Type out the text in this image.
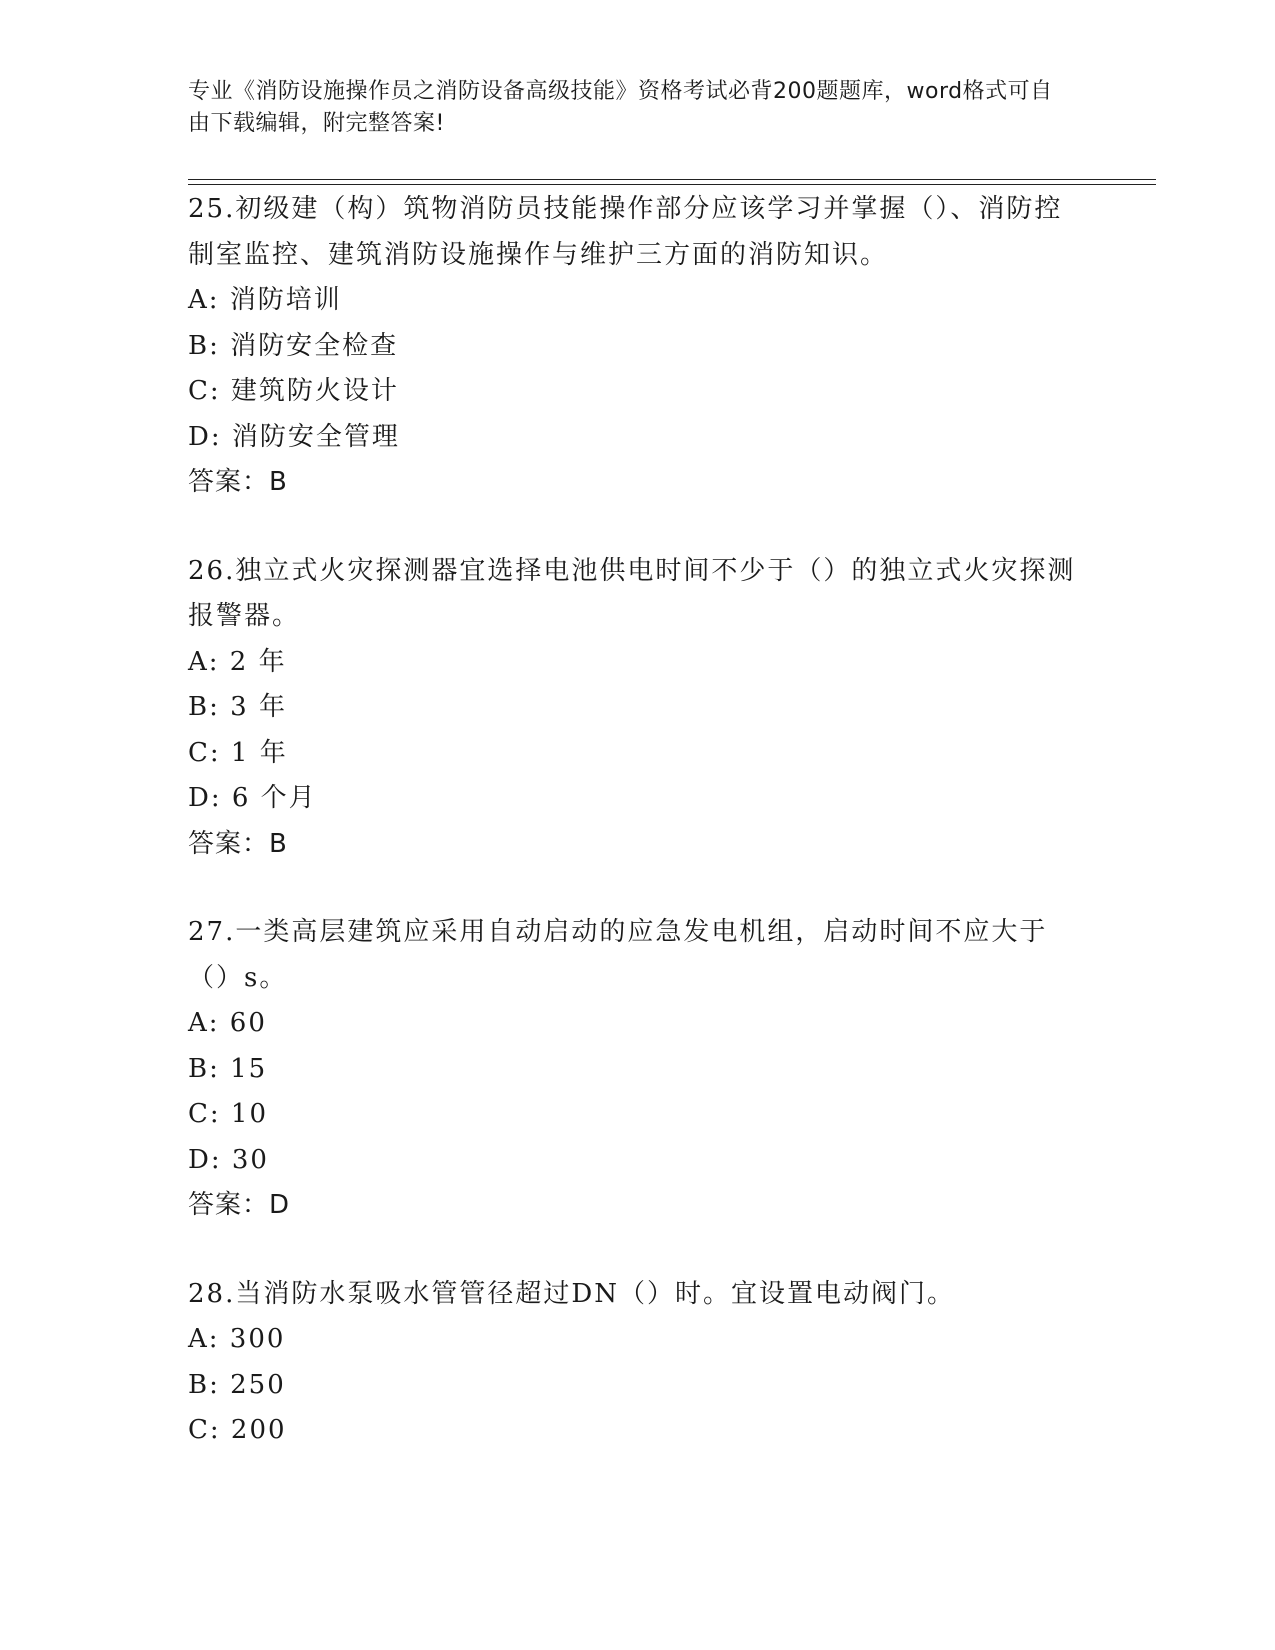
专业《消防设施操作员之消防设备高级技能》资格考试必背200题题库，word格式可自由下载编辑，附完整答案!

25.初级建（构）筑物消防员技能操作部分应该学习并掌握（）、消防控制室监控、建筑消防设施操作与维护三方面的消防知识。

A: 消防培训

B: 消防安全检查

C: 建筑防火设计

D: 消防安全管理

答案：B

26.独立式火灾探测器宜选择电池供电时间不少于（）的独立式火灾探测报警器。

A: 2 年

B: 3 年

C: 1 年

D: 6 个月

答案：B

27.一类高层建筑应采用自动启动的应急发电机组，启动时间不应大于（）s。

A: 60

B: 15

C: 10

D: 30

答案：D

28.当消防水泵吸水管管径超过DN（）时。宜设置电动阀门。

A: 300

B: 250

C: 200
